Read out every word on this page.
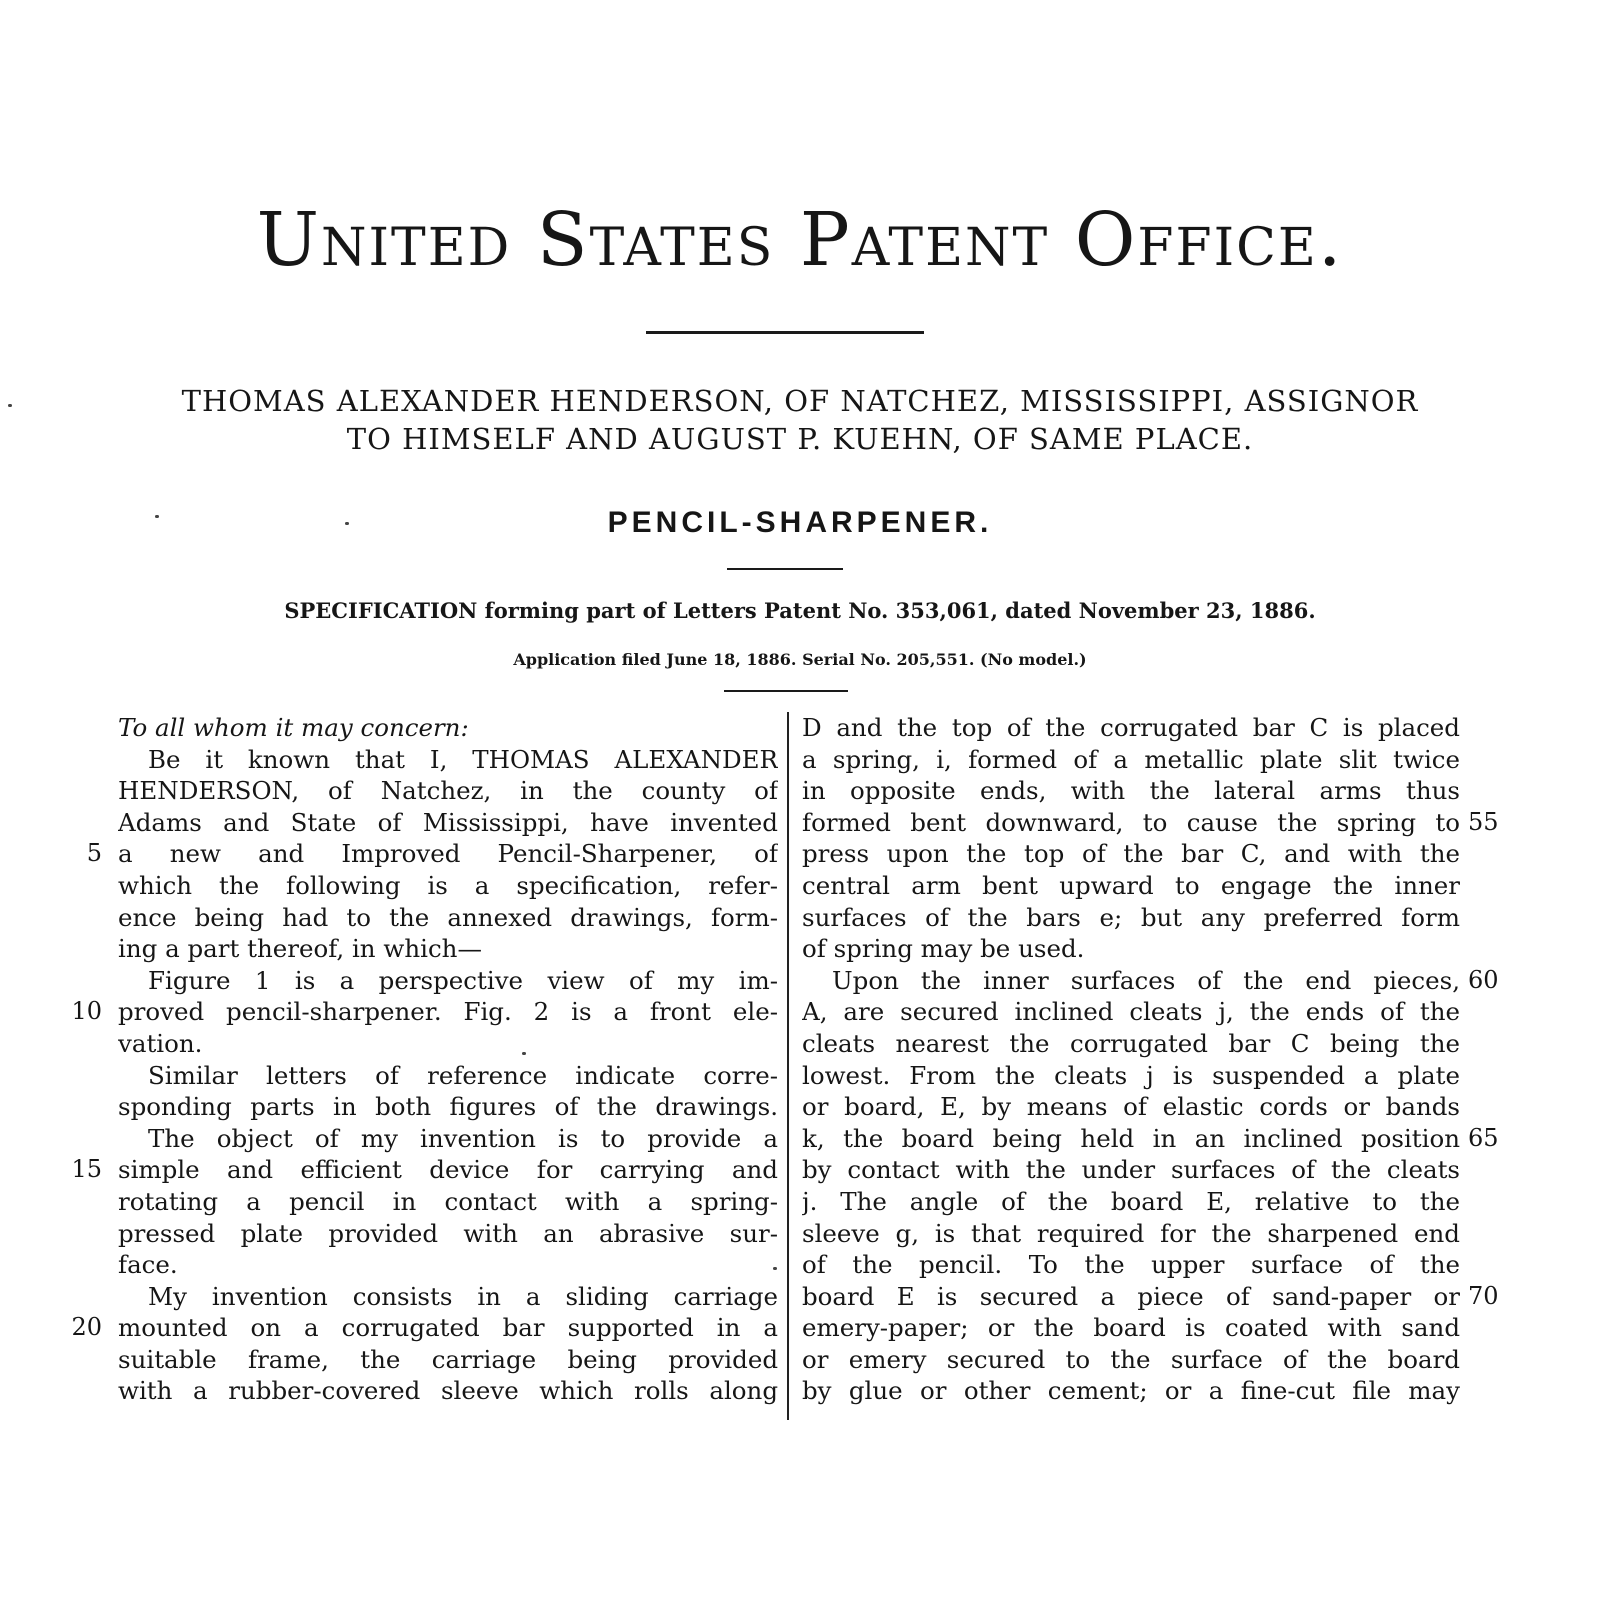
United States Patent Office.
THOMAS ALEXANDER HENDERSON, OF NATCHEZ, MISSISSIPPI, ASSIGNOR
TO HIMSELF AND AUGUST P. KUEHN, OF SAME PLACE.
PENCIL-SHARPENER.
SPECIFICATION forming part of Letters Patent No. 353,061, dated November 23, 1886.
Application filed June 18, 1886. Serial No. 205,551. (No model.)
To all whom it may concern:
Be it known that I, THOMAS ALEXANDER
HENDERSON, of Natchez, in the county of
Adams and State of Mississippi, have invented
a new and Improved Pencil-Sharpener, of
which the following is a specification, refer-
ence being had to the annexed drawings, form-
ing a part thereof, in which—
Figure 1 is a perspective view of my im-
proved pencil-sharpener. Fig. 2 is a front ele-
vation.
Similar letters of reference indicate corre-
sponding parts in both figures of the drawings.
The object of my invention is to provide a
simple and efficient device for carrying and
rotating a pencil in contact with a spring-
pressed plate provided with an abrasive sur-
face.
My invention consists in a sliding carriage
mounted on a corrugated bar supported in a
suitable frame, the carriage being provided
with a rubber-covered sleeve which rolls along
5
10
15
20
D and the top of the corrugated bar C is placed
a spring, i, formed of a metallic plate slit twice
in opposite ends, with the lateral arms thus
formed bent downward, to cause the spring to
press upon the top of the bar C, and with the
central arm bent upward to engage the inner
surfaces of the bars e; but any preferred form
of spring may be used.
Upon the inner surfaces of the end pieces,
A, are secured inclined cleats j, the ends of the
cleats nearest the corrugated bar C being the
lowest. From the cleats j is suspended a plate
or board, E, by means of elastic cords or bands
k, the board being held in an inclined position
by contact with the under surfaces of the cleats
j. The angle of the board E, relative to the
sleeve g, is that required for the sharpened end
of the pencil. To the upper surface of the
board E is secured a piece of sand-paper or
emery-paper; or the board is coated with sand
or emery secured to the surface of the board
by glue or other cement; or a fine-cut file may
55
60
65
70
